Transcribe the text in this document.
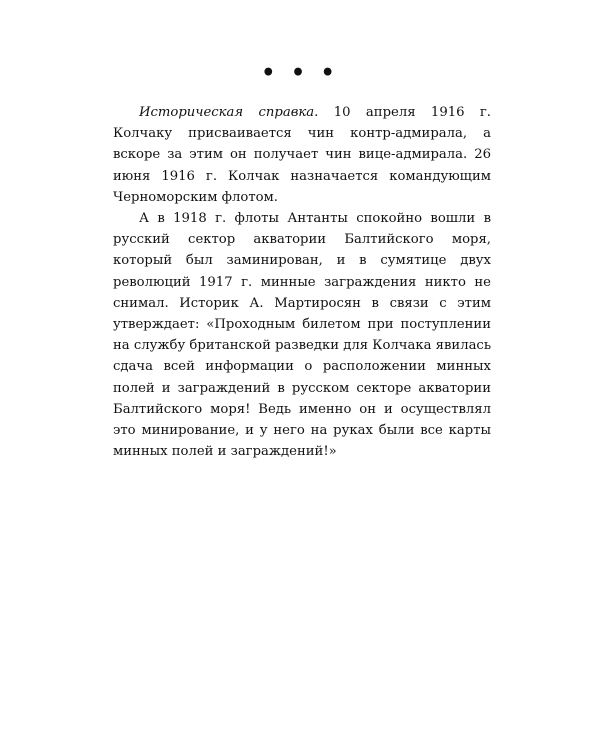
• • •

Историческая справка. 10 апреля 1916 г. Колчаку присваивается чин контр-адмирала, а вскоре за этим он получает чин вице-адмирала. 26 июня 1916 г. Колчак назначается командующим Черноморским флотом.

А в 1918 г. флоты Антанты спокойно вошли в русский сектор акватории Балтийского моря, который был заминирован, и в сумятице двух революций 1917 г. минные заграждения никто не снимал. Историк А. Мартиросян в связи с этим утверждает: «Проходным билетом при поступлении на службу британской разведки для Колчака явилась сдача всей информации о расположении минных полей и заграждений в русском секторе акватории Балтийского моря! Ведь именно он и осуществлял это минирование, и у него на руках были все карты минных полей и заграждений!»
